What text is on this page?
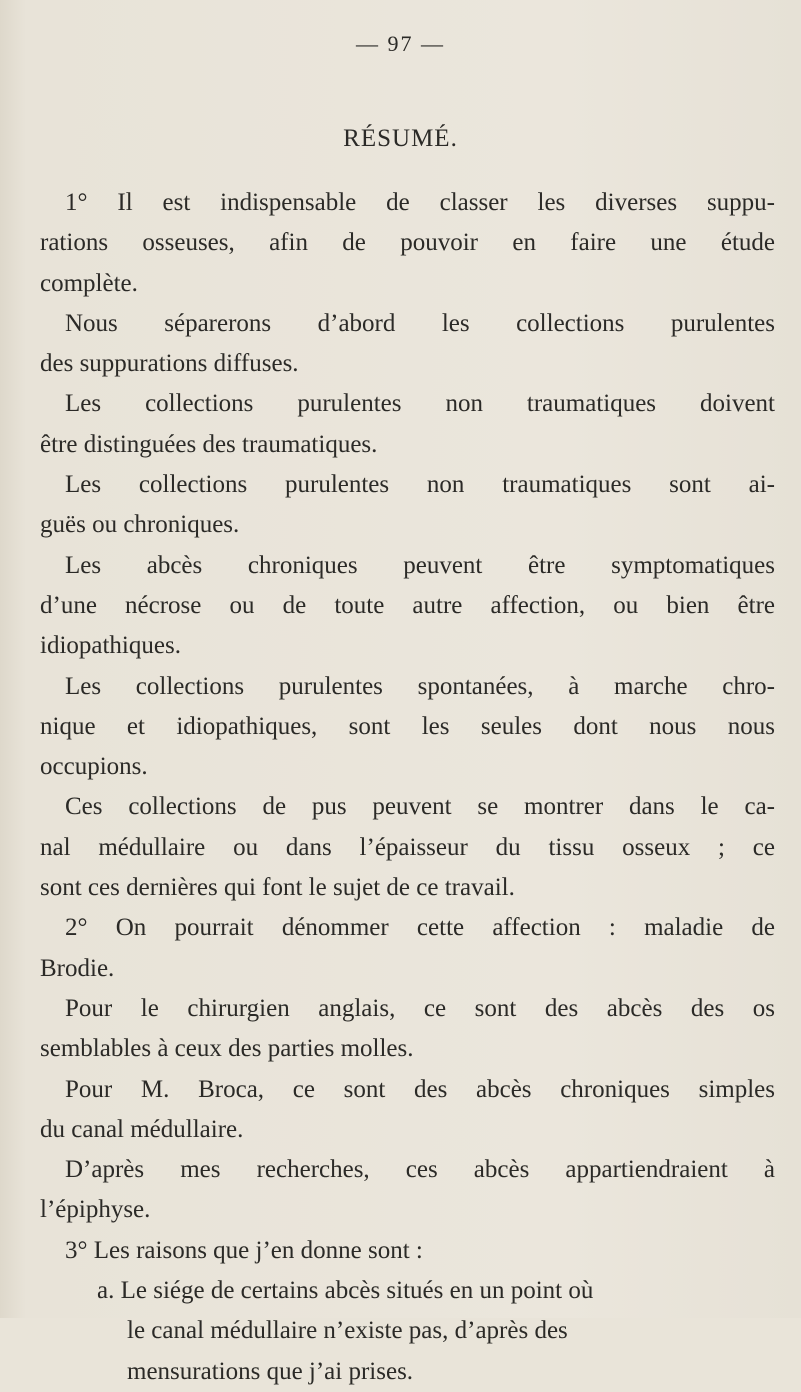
— 97 —
RÉSUMÉ.
1° Il est indispensable de classer les diverses suppu-
rations osseuses, afin de pouvoir en faire une étude
complète.
Nous séparerons d’abord les collections purulentes
des suppurations diffuses.
Les collections purulentes non traumatiques doivent
être distinguées des traumatiques.
Les collections purulentes non traumatiques sont ai-
guës ou chroniques.
Les abcès chroniques peuvent être symptomatiques
d’une nécrose ou de toute autre affection, ou bien être
idiopathiques.
Les collections purulentes spontanées, à marche chro-
nique et idiopathiques, sont les seules dont nous nous
occupions.
Ces collections de pus peuvent se montrer dans le ca-
nal médullaire ou dans l’épaisseur du tissu osseux ; ce
sont ces dernières qui font le sujet de ce travail.
2° On pourrait dénommer cette affection : maladie de
Brodie.
Pour le chirurgien anglais, ce sont des abcès des os
semblables à ceux des parties molles.
Pour M. Broca, ce sont des abcès chroniques simples
du canal médullaire.
D’après mes recherches, ces abcès appartiendraient à
l’épiphyse.
3° Les raisons que j’en donne sont :
a. Le siége de certains abcès situés en un point où
le canal médullaire n’existe pas, d’après des
mensurations que j’ai prises.
